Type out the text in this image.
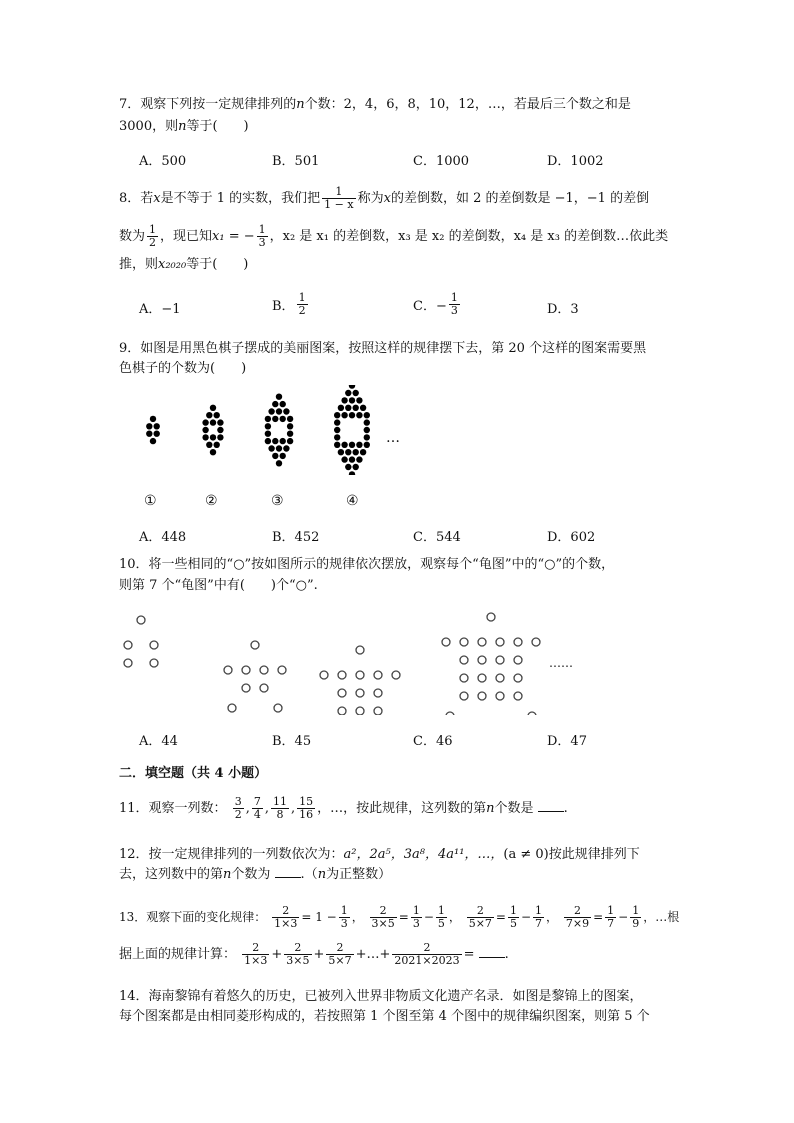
7．观察下列按一定规律排列的n个数：2，4，6，8，10，12，…，若最后三个数之和是
3000，则n等于(　　)
A．500	B．501	C．1000	D．1002
8．若x是不等于 1 的实数，我们把 $\frac{1}{1 - x}$ 称为x的差倒数，如 2 的差倒数是 −1，−1 的差倒
数为 $\frac{1}{2}$ ，现已知x₁ = − $\frac{1}{3}$ ，x₂ 是 x₁ 的差倒数，x₃ 是 x₂ 的差倒数，x₄ 是 x₃ 的差倒数…依此类
推，则x₂₀₂₀等于(　　)
A．−1	B． $\frac{1}{2}$	C．− $\frac{1}{3}$	D．3
9．如图是用黑色棋子摆成的美丽图案，按照这样的规律摆下去，第 20 个这样的图案需要黑
色棋子的个数为(　　)
…
①	②	③	④
A．448	B．452	C．544	D．602
10．将一些相同的“○”按如图所示的规律依次摆放，观察每个“龟图”中的“○”的个数，
则第 7 个“龟图”中有(　　)个“○”.
……
A．44	B．45	C．46	D．47
二．填空题（共 4 小题）
11．观察一列数： $\frac{3}{2}$ , $\frac{7}{4}$ , $\frac{11}{8}$ , $\frac{15}{16}$ ，…，按此规律，这列数的第n个数是 .
12．按一定规律排列的一列数依次为：a²，2a⁵，3a⁸，4a¹¹，…，(a ≠ 0)按此规律排列下
去，这列数中的第n个数为 .（n为正整数）
13．观察下面的变化规律： $\frac{2}{1\times 3} = 1 - \frac{1}{3}$ ， $\frac{2}{3\times 5} = \frac{1}{3} - \frac{1}{5}$ ， $\frac{2}{5\times 7} = \frac{1}{5} - \frac{1}{7}$ ， $\frac{2}{7\times 9} = \frac{1}{7} - \frac{1}{9}$ ，…根
据上面的规律计算： $\frac{2}{1\times 3} + \frac{2}{3\times 5} + \frac{2}{5\times 7}$ +…+ $\frac{2}{2021\times 2023}$ = .
14．海南黎锦有着悠久的历史，已被列入世界非物质文化遗产名录．如图是黎锦上的图案，
每个图案都是由相同菱形构成的，若按照第 1 个图至第 4 个图中的规律编织图案，则第 5 个
